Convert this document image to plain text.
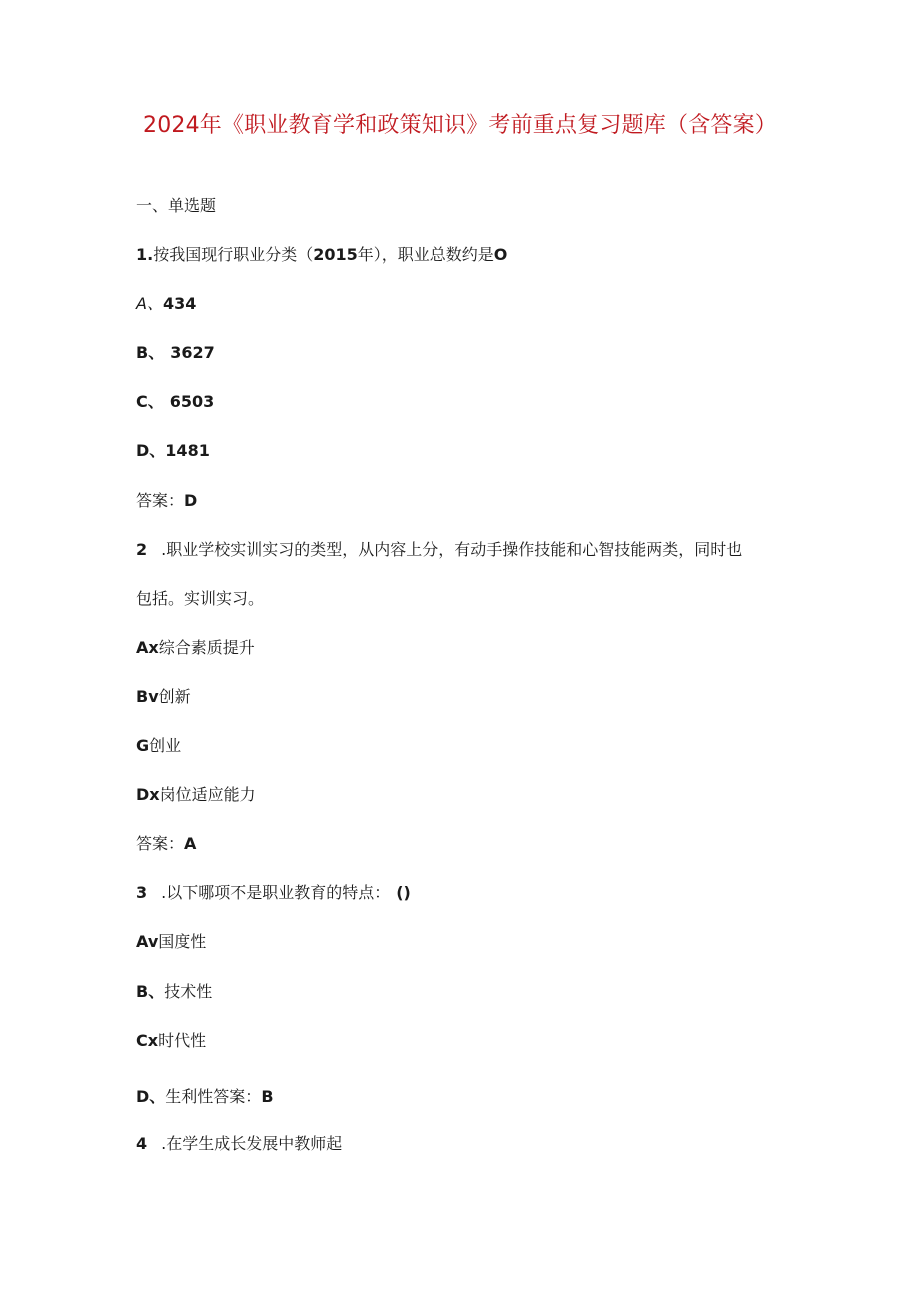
2024年《职业教育学和政策知识》考前重点复习题库（含答案）
一、单选题
1.按我国现行职业分类（2015年），职业总数约是O
A、434
B、 3627
C、 6503
D、1481
答案：D
2 .职业学校实训实习的类型，从内容上分，有动手操作技能和心智技能两类，同时也
包括。实训实习。
Ax综合素质提升
Bv创新
G创业
Dx岗位适应能力
答案：A
3 .以下哪项不是职业教育的特点： ()
Av国度性
B、技术性
Cx时代性
D、生利性答案：B
4 .在学生成长发展中教师起
